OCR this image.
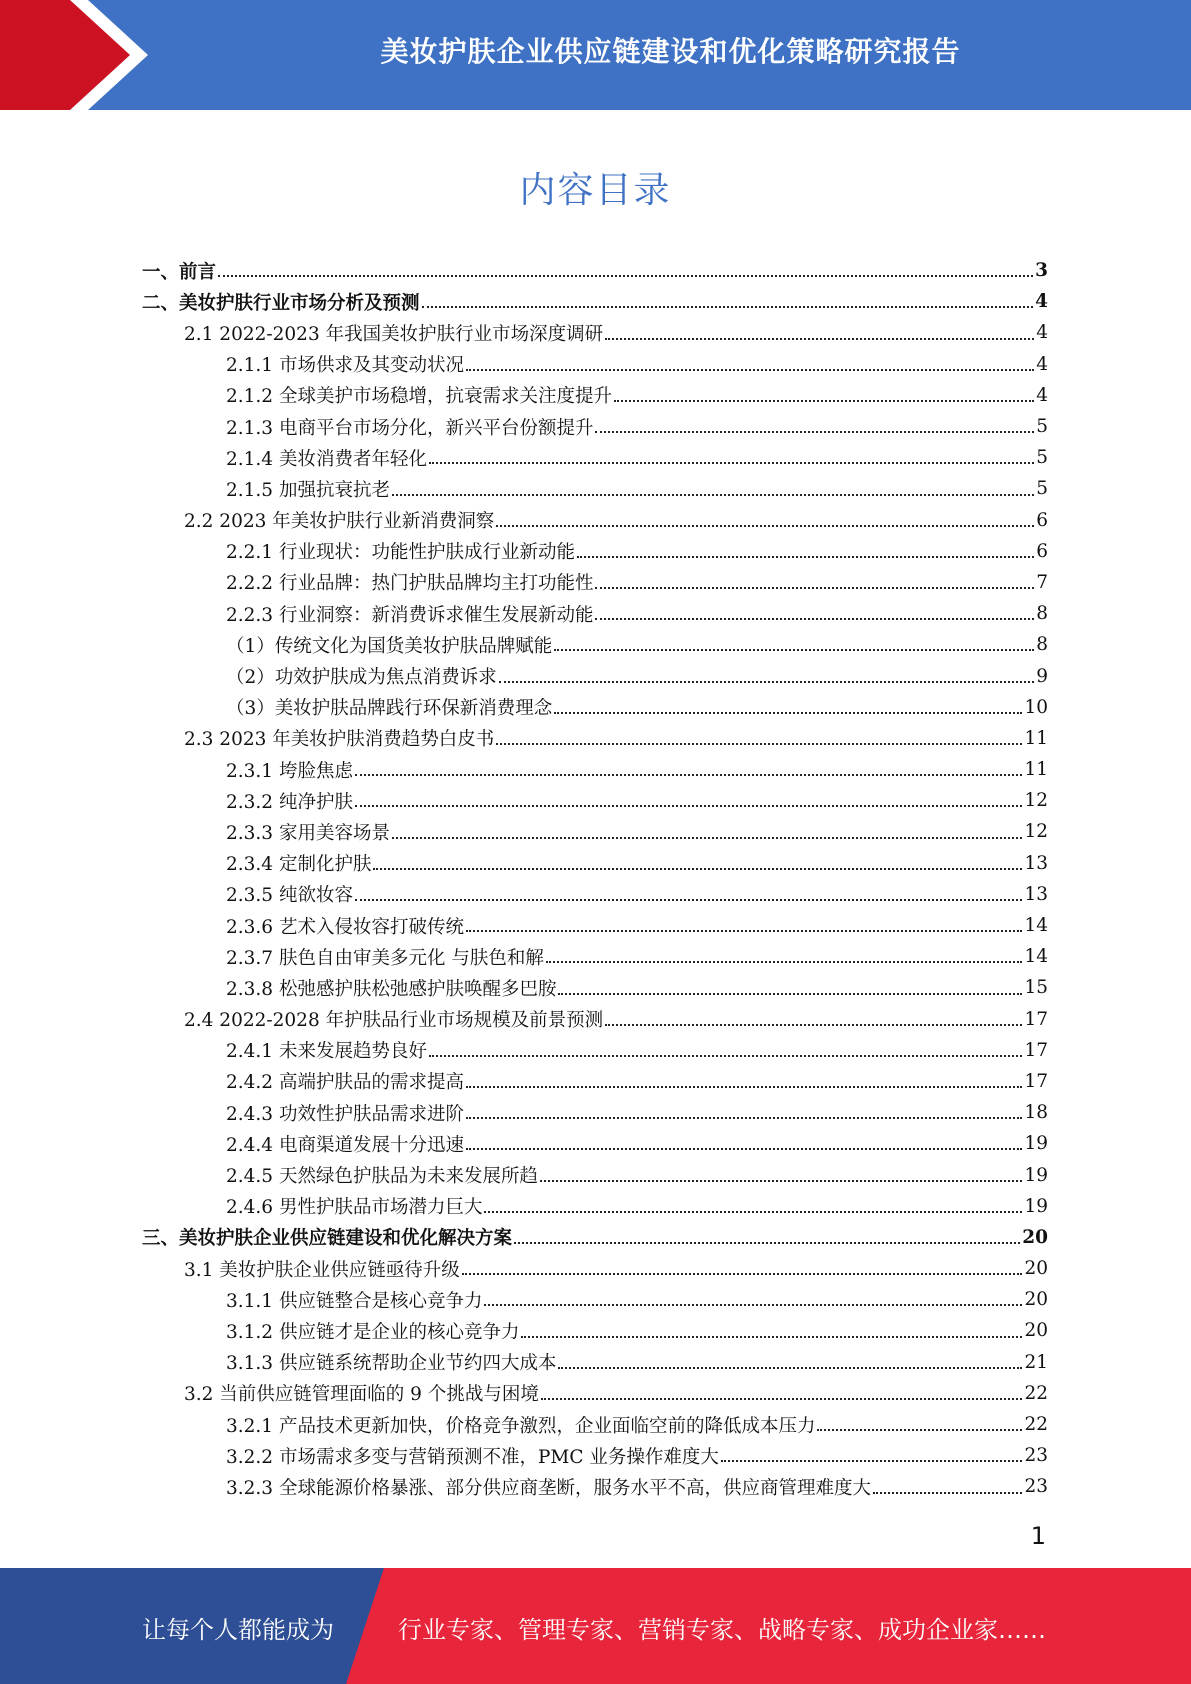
美妆护肤企业供应链建设和优化策略研究报告
内容目录
一、前言	3
二、美妆护肤行业市场分析及预测	4
2.1 2022-2023 年我国美妆护肤行业市场深度调研	4
2.1.1 市场供求及其变动状况	4
2.1.2 全球美护市场稳增，抗衰需求关注度提升	4
2.1.3 电商平台市场分化，新兴平台份额提升	5
2.1.4 美妆消费者年轻化	5
2.1.5 加强抗衰抗老	5
2.2 2023 年美妆护肤行业新消费洞察	6
2.2.1 行业现状：功能性护肤成行业新动能	6
2.2.2 行业品牌：热门护肤品牌均主打功能性	7
2.2.3 行业洞察：新消费诉求催生发展新动能	8
（1）传统文化为国货美妆护肤品牌赋能	8
（2）功效护肤成为焦点消费诉求	9
（3）美妆护肤品牌践行环保新消费理念	10
2.3 2023 年美妆护肤消费趋势白皮书	11
2.3.1 垮脸焦虑	11
2.3.2 纯净护肤	12
2.3.3 家用美容场景	12
2.3.4 定制化护肤	13
2.3.5 纯欲妆容	13
2.3.6 艺术入侵妆容打破传统	14
2.3.7 肤色自由审美多元化 与肤色和解	14
2.3.8 松弛感护肤松弛感护肤唤醒多巴胺	15
2.4 2022-2028 年护肤品行业市场规模及前景预测	17
2.4.1 未来发展趋势良好	17
2.4.2 高端护肤品的需求提高	17
2.4.3 功效性护肤品需求进阶	18
2.4.4 电商渠道发展十分迅速	19
2.4.5 天然绿色护肤品为未来发展所趋	19
2.4.6 男性护肤品市场潜力巨大	19
三、美妆护肤企业供应链建设和优化解决方案	20
3.1 美妆护肤企业供应链亟待升级	20
3.1.1 供应链整合是核心竞争力	20
3.1.2 供应链才是企业的核心竞争力	20
3.1.3 供应链系统帮助企业节约四大成本	21
3.2 当前供应链管理面临的 9 个挑战与困境	22
3.2.1 产品技术更新加快，价格竞争激烈，企业面临空前的降低成本压力	22
3.2.2 市场需求多变与营销预测不准，PMC 业务操作难度大	23
3.2.3 全球能源价格暴涨、部分供应商垄断，服务水平不高，供应商管理难度大	23
1
让每个人都能成为	行业专家、管理专家、营销专家、战略专家、成功企业家……
